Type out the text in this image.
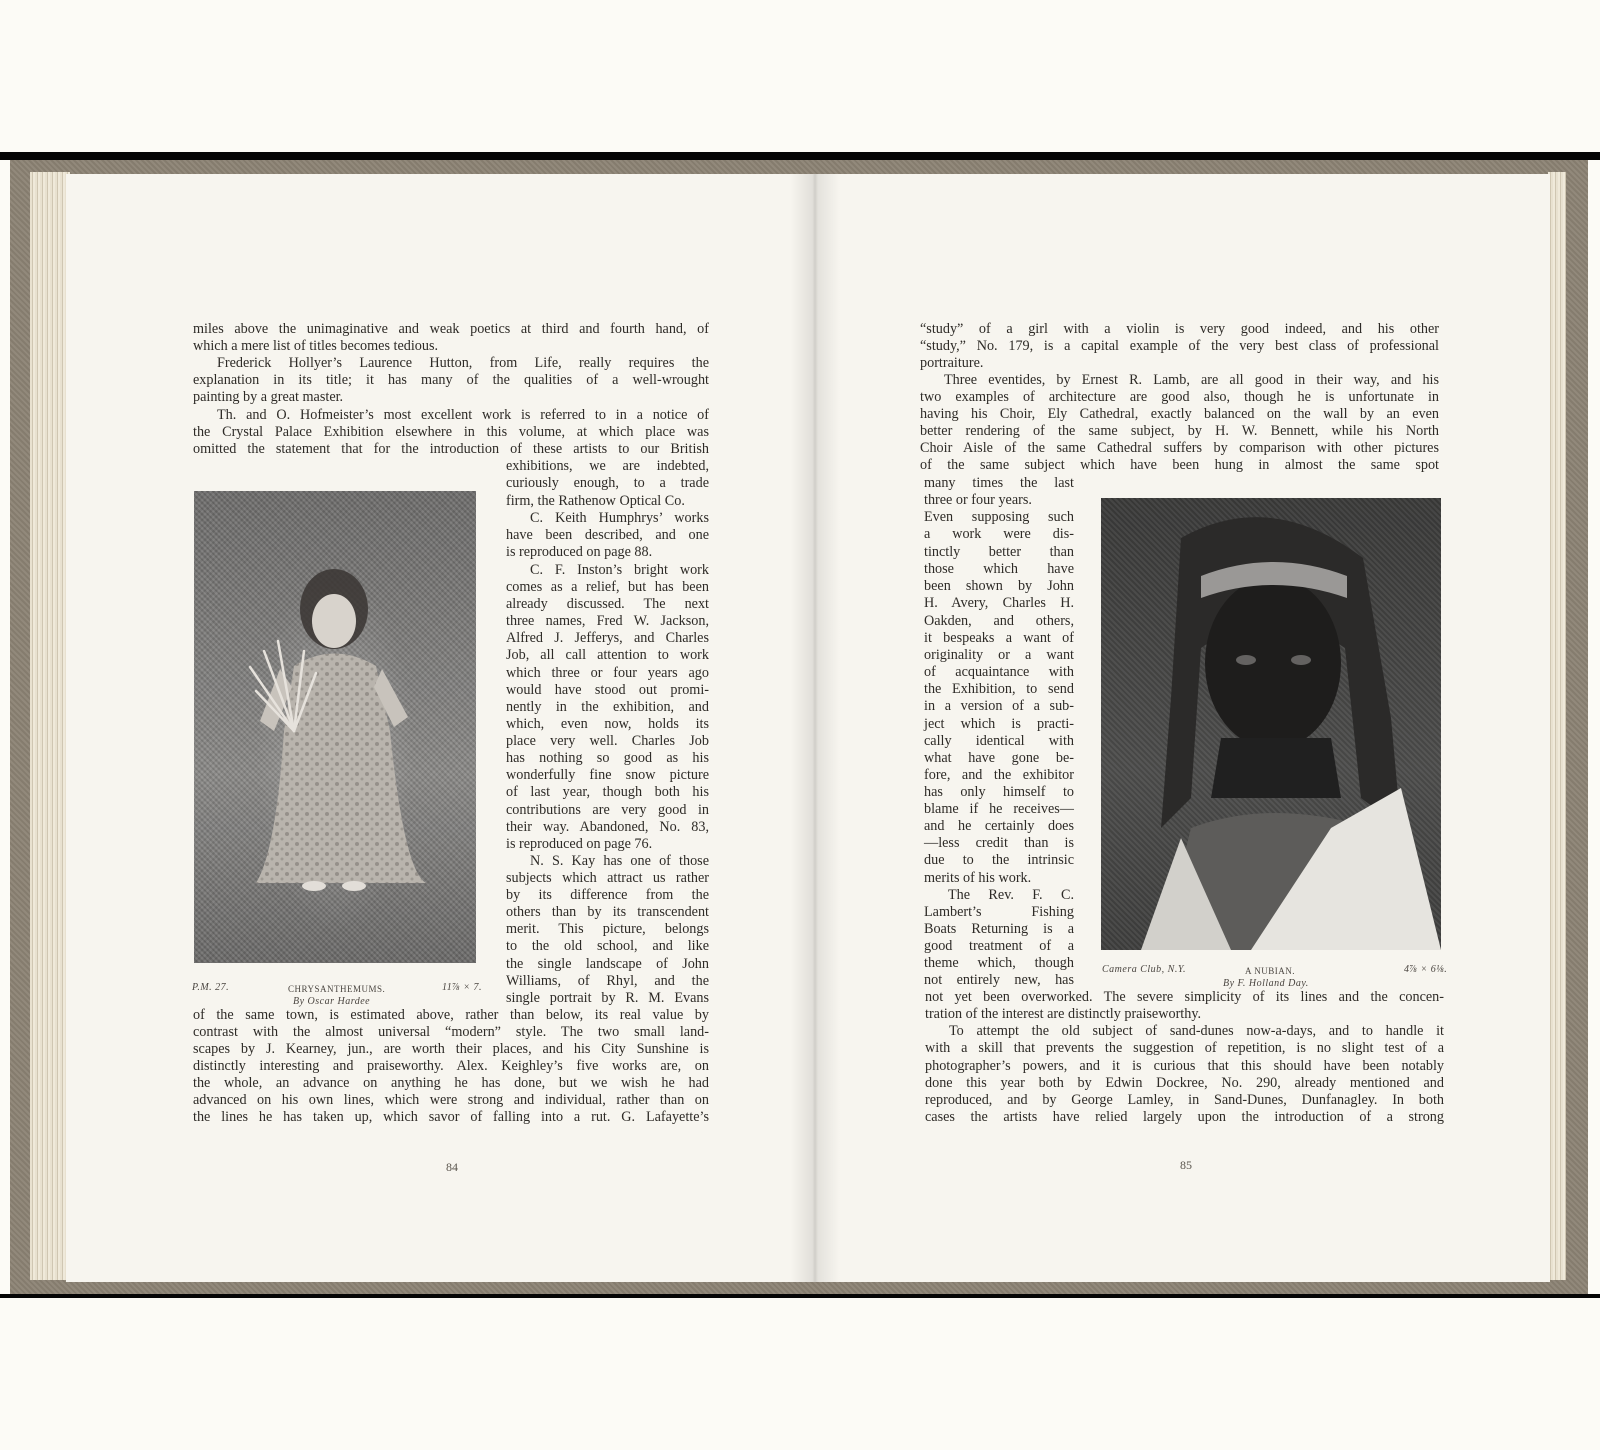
miles above the unimaginative and weak poetics at third and fourth hand, of
which a mere list of titles becomes tedious.
Frederick Hollyer’s Laurence Hutton, from Life, really requires the
explanation in its title; it has many of the qualities of a well-wrought
painting by a great master.
Th. and O. Hofmeister’s most excellent work is referred to in a notice of
the Crystal Palace Exhibition elsewhere in this volume, at which place was
omitted the statement that for the introduction of these artists to our British
exhibitions, we are indebted,
curiously enough, to a trade
firm, the Rathenow Optical Co.
C. Keith Humphrys’ works
have been described, and one
is reproduced on page 88.
C. F. Inston’s bright work
comes as a relief, but has been
already discussed. The next
three names, Fred W. Jackson,
Alfred J. Jefferys, and Charles
Job, all call attention to work
which three or four years ago
would have stood out promi-
nently in the exhibition, and
which, even now, holds its
place very well. Charles Job
has nothing so good as his
wonderfully fine snow picture
of last year, though both his
contributions are very good in
their way. Abandoned, No. 83,
is reproduced on page 76.
N. S. Kay has one of those
subjects which attract us rather
by its difference from the
others than by its transcendent
merit. This picture, belongs
to the old school, and like
the single landscape of John
Williams, of Rhyl, and the
single portrait by R. M. Evans
of the same town, is estimated above, rather than below, its real value by
contrast with the almost universal “modern” style. The two small land-
scapes by J. Kearney, jun., are worth their places, and his City Sunshine is
distinctly interesting and praiseworthy. Alex. Keighley’s five works are, on
the whole, an advance on anything he has done, but we wish he had
advanced on his own lines, which were strong and individual, rather than on
the lines he has taken up, which savor of falling into a rut. G. Lafayette’s
P.M. 27.	CHRYSANTHEMUMS.	11⅞ × 7.
By Oscar Hardee
84
“study” of a girl with a violin is very good indeed, and his other
“study,” No. 179, is a capital example of the very best class of professional
portraiture.
Three eventides, by Ernest R. Lamb, are all good in their way, and his
two examples of architecture are good also, though he is unfortunate in
having his Choir, Ely Cathedral, exactly balanced on the wall by an even
better rendering of the same subject, by H. W. Bennett, while his North
Choir Aisle of the same Cathedral suffers by comparison with other pictures
of the same subject which have been hung in almost the same spot
many times the last
three or four years.
Even supposing such
a work were dis-
tinctly better than
those which have
been shown by John
H. Avery, Charles H.
Oakden, and others,
it bespeaks a want of
originality or a want
of acquaintance with
the Exhibition, to send
in a version of a sub-
ject which is practi-
cally identical with
what have gone be-
fore, and the exhibitor
has only himself to
blame if he receives—
and he certainly does
—less credit than is
due to the intrinsic
merits of his work.
The Rev. F. C.
Lambert’s Fishing
Boats Returning is a
good treatment of a
theme which, though
not entirely new, has
not yet been overworked. The severe simplicity of its lines and the concen-
tration of the interest are distinctly praiseworthy.
To attempt the old subject of sand-dunes now-a-days, and to handle it
with a skill that prevents the suggestion of repetition, is no slight test of a
photographer’s powers, and it is curious that this should have been notably
done this year both by Edwin Dockree, No. 290, already mentioned and
reproduced, and by George Lamley, in Sand-Dunes, Dunfanagley. In both
cases the artists have relied largely upon the introduction of a strong
Camera Club, N.Y.	A NUBIAN.	4⅞ × 6⅛.
By F. Holland Day.
85
